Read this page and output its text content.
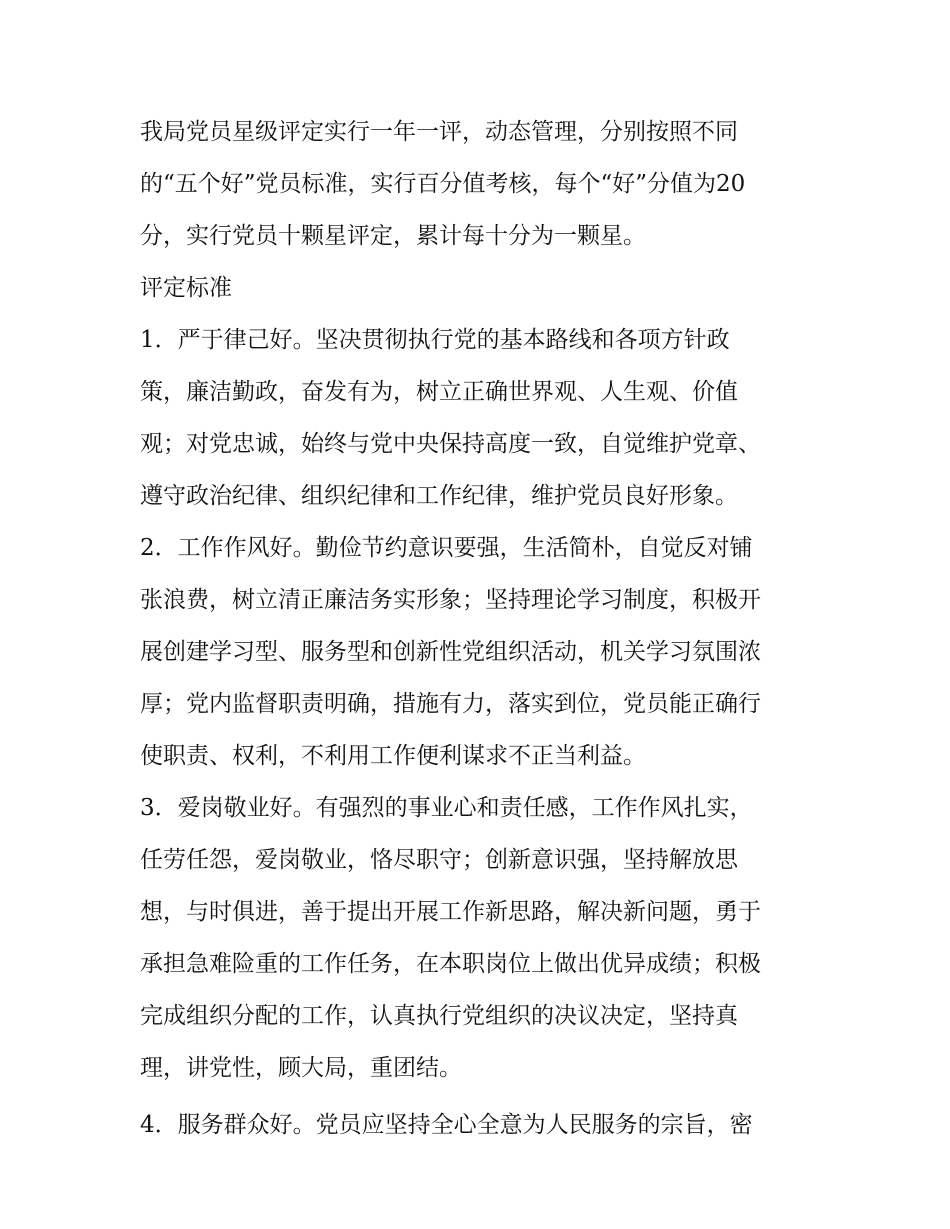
我局党员星级评定实行一年一评，动态管理，分别按照不同
的“五个好”党员标准，实行百分值考核，每个“好”分值为20
分，实行党员十颗星评定，累计每十分为一颗星。
评定标准
1．严于律己好。坚决贯彻执行党的基本路线和各项方针政
策，廉洁勤政，奋发有为，树立正确世界观、人生观、价值
观；对党忠诚，始终与党中央保持高度一致，自觉维护党章、
遵守政治纪律、组织纪律和工作纪律，维护党员良好形象。
2．工作作风好。勤俭节约意识要强，生活简朴，自觉反对铺
张浪费，树立清正廉洁务实形象；坚持理论学习制度，积极开
展创建学习型、服务型和创新性党组织活动，机关学习氛围浓
厚；党内监督职责明确，措施有力，落实到位，党员能正确行
使职责、权利，不利用工作便利谋求不正当利益。
3．爱岗敬业好。有强烈的事业心和责任感，工作作风扎实，
任劳任怨，爱岗敬业，恪尽职守；创新意识强，坚持解放思
想，与时俱进，善于提出开展工作新思路，解决新问题，勇于
承担急难险重的工作任务，在本职岗位上做出优异成绩；积极
完成组织分配的工作，认真执行党组织的决议决定，坚持真
理，讲党性，顾大局，重团结。
4．服务群众好。党员应坚持全心全意为人民服务的宗旨，密
